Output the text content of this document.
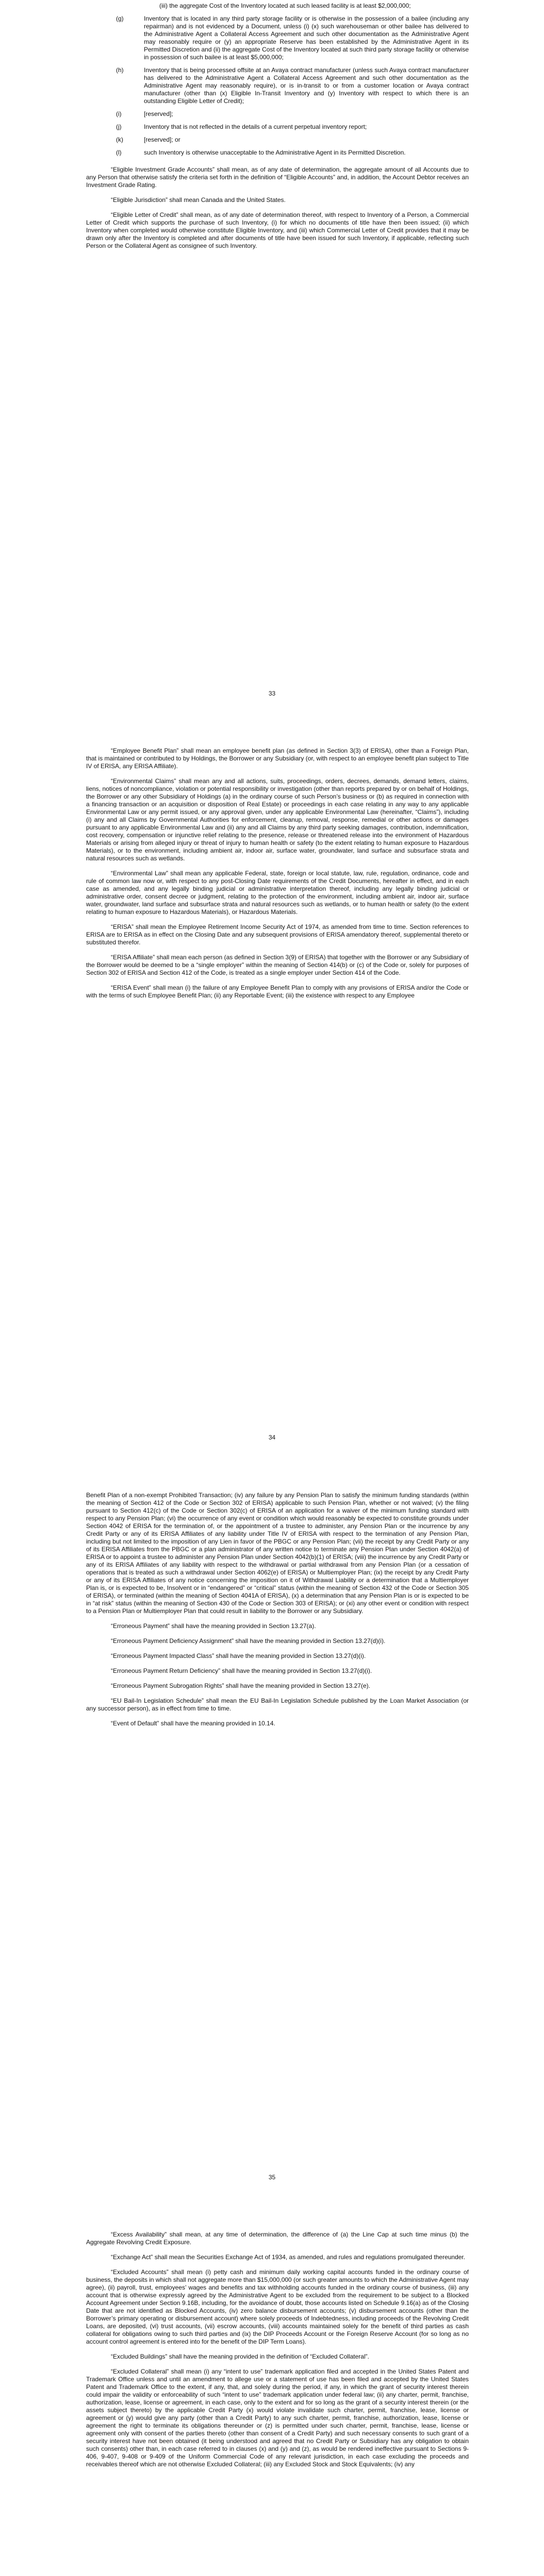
(iii) the aggregate Cost of the Inventory located at such leased facility is at least $2,000,000;

(g)	Inventory that is located in any third party storage facility or is otherwise in the possession of a bailee (including any repairman) and is not evidenced by a Document, unless (i) (x) such warehouseman or other bailee has delivered to the Administrative Agent a Collateral Access Agreement and such other documentation as the Administrative Agent may reasonably require or (y) an appropriate Reserve has been established by the Administrative Agent in its Permitted Discretion and (ii) the aggregate Cost of the Inventory located at such third party storage facility or otherwise in possession of such bailee is at least $5,000,000;
(h)	Inventory that is being processed offsite at an Avaya contract manufacturer (unless such Avaya contract manufacturer has delivered to the Administrative Agent a Collateral Access Agreement and such other documentation as the Administrative Agent may reasonably require), or is in-transit to or from a customer location or Avaya contract manufacturer (other than (x) Eligible In-Transit Inventory and (y) Inventory with respect to which there is an outstanding Eligible Letter of Credit);
(i)	[reserved];
(j)	Inventory that is not reflected in the details of a current perpetual inventory report;
(k)	[reserved]; or
(l)	such Inventory is otherwise unacceptable to the Administrative Agent in its Permitted Discretion.

“Eligible Investment Grade Accounts” shall mean, as of any date of determination, the aggregate amount of all Accounts due to any Person that otherwise satisfy the criteria set forth in the definition of “Eligible Accounts” and, in addition, the Account Debtor receives an Investment Grade Rating.

“Eligible Jurisdiction” shall mean Canada and the United States.

“Eligible Letter of Credit” shall mean, as of any date of determination thereof, with respect to Inventory of a Person, a Commercial Letter of Credit which supports the purchase of such Inventory, (i) for which no documents of title have then been issued; (ii) which Inventory when completed would otherwise constitute Eligible Inventory, and (iii) which Commercial Letter of Credit provides that it may be drawn only after the Inventory is completed and after documents of title have been issued for such Inventory, if applicable, reflecting such Person or the Collateral Agent as consignee of such Inventory.

33

“Employee Benefit Plan” shall mean an employee benefit plan (as defined in Section 3(3) of ERISA), other than a Foreign Plan, that is maintained or contributed to by Holdings, the Borrower or any Subsidiary (or, with respect to an employee benefit plan subject to Title IV of ERISA, any ERISA Affiliate).

“Environmental Claims” shall mean any and all actions, suits, proceedings, orders, decrees, demands, demand letters, claims, liens, notices of noncompliance, violation or potential responsibility or investigation (other than reports prepared by or on behalf of Holdings, the Borrower or any other Subsidiary of Holdings (a) in the ordinary course of such Person’s business or (b) as required in connection with a financing transaction or an acquisition or disposition of Real Estate) or proceedings in each case relating in any way to any applicable Environmental Law or any permit issued, or any approval given, under any applicable Environmental Law (hereinafter, “Claims”), including (i) any and all Claims by Governmental Authorities for enforcement, cleanup, removal, response, remedial or other actions or damages pursuant to any applicable Environmental Law and (ii) any and all Claims by any third party seeking damages, contribution, indemnification, cost recovery, compensation or injunctive relief relating to the presence, release or threatened release into the environment of Hazardous Materials or arising from alleged injury or threat of injury to human health or safety (to the extent relating to human exposure to Hazardous Materials), or to the environment, including ambient air, indoor air, surface water, groundwater, land surface and subsurface strata and natural resources such as wetlands.

“Environmental Law” shall mean any applicable Federal, state, foreign or local statute, law, rule, regulation, ordinance, code and rule of common law now or, with respect to any post-Closing Date requirements of the Credit Documents, hereafter in effect, and in each case as amended, and any legally binding judicial or administrative interpretation thereof, including any legally binding judicial or administrative order, consent decree or judgment, relating to the protection of the environment, including ambient air, indoor air, surface water, groundwater, land surface and subsurface strata and natural resources such as wetlands, or to human health or safety (to the extent relating to human exposure to Hazardous Materials), or Hazardous Materials.

“ERISA” shall mean the Employee Retirement Income Security Act of 1974, as amended from time to time. Section references to ERISA are to ERISA as in effect on the Closing Date and any subsequent provisions of ERISA amendatory thereof, supplemental thereto or substituted therefor.

“ERISA Affiliate” shall mean each person (as defined in Section 3(9) of ERISA) that together with the Borrower or any Subsidiary of the Borrower would be deemed to be a “single employer” within the meaning of Section 414(b) or (c) of the Code or, solely for purposes of Section 302 of ERISA and Section 412 of the Code, is treated as a single employer under Section 414 of the Code.

“ERISA Event” shall mean (i) the failure of any Employee Benefit Plan to comply with any provisions of ERISA and/or the Code or with the terms of such Employee Benefit Plan; (ii) any Reportable Event; (iii) the existence with respect to any Employee

34

Benefit Plan of a non-exempt Prohibited Transaction; (iv) any failure by any Pension Plan to satisfy the minimum funding standards (within the meaning of Section 412 of the Code or Section 302 of ERISA) applicable to such Pension Plan, whether or not waived; (v) the filing pursuant to Section 412(c) of the Code or Section 302(c) of ERISA of an application for a waiver of the minimum funding standard with respect to any Pension Plan; (vi) the occurrence of any event or condition which would reasonably be expected to constitute grounds under Section 4042 of ERISA for the termination of, or the appointment of a trustee to administer, any Pension Plan or the incurrence by any Credit Party or any of its ERISA Affiliates of any liability under Title IV of ERISA with respect to the termination of any Pension Plan, including but not limited to the imposition of any Lien in favor of the PBGC or any Pension Plan; (vii) the receipt by any Credit Party or any of its ERISA Affiliates from the PBGC or a plan administrator of any written notice to terminate any Pension Plan under Section 4042(a) of ERISA or to appoint a trustee to administer any Pension Plan under Section 4042(b)(1) of ERISA; (viii) the incurrence by any Credit Party or any of its ERISA Affiliates of any liability with respect to the withdrawal or partial withdrawal from any Pension Plan (or a cessation of operations that is treated as such a withdrawal under Section 4062(e) of ERISA) or Multiemployer Plan; (ix) the receipt by any Credit Party or any of its ERISA Affiliates of any notice concerning the imposition on it of Withdrawal Liability or a determination that a Multiemployer Plan is, or is expected to be, Insolvent or in “endangered” or “critical” status (within the meaning of Section 432 of the Code or Section 305 of ERISA), or terminated (within the meaning of Section 4041A of ERISA), (x) a determination that any Pension Plan is or is expected to be in “at risk” status (within the meaning of Section 430 of the Code or Section 303 of ERISA); or (xi) any other event or condition with respect to a Pension Plan or Multiemployer Plan that could result in liability to the Borrower or any Subsidiary.

“Erroneous Payment” shall have the meaning provided in Section 13.27(a).

“Erroneous Payment Deficiency Assignment” shall have the meaning provided in Section 13.27(d)(i).

“Erroneous Payment Impacted Class” shall have the meaning provided in Section 13.27(d)(i).

“Erroneous Payment Return Deficiency” shall have the meaning provided in Section 13.27(d)(i).

“Erroneous Payment Subrogation Rights” shall have the meaning provided in Section 13.27(e).

“EU Bail-In Legislation Schedule” shall mean the EU Bail-In Legislation Schedule published by the Loan Market Association (or any successor person), as in effect from time to time.

“Event of Default” shall have the meaning provided in 10.14.

35

“Excess Availability” shall mean, at any time of determination, the difference of (a) the Line Cap at such time minus (b) the Aggregate Revolving Credit Exposure.

“Exchange Act” shall mean the Securities Exchange Act of 1934, as amended, and rules and regulations promulgated thereunder.

“Excluded Accounts” shall mean (i) petty cash and minimum daily working capital accounts funded in the ordinary course of business, the deposits in which shall not aggregate more than $15,000,000 (or such greater amounts to which the Administrative Agent may agree), (ii) payroll, trust, employees’ wages and benefits and tax withholding accounts funded in the ordinary course of business, (iii) any account that is otherwise expressly agreed by the Administrative Agent to be excluded from the requirement to be subject to a Blocked Account Agreement under Section 9.16B, including, for the avoidance of doubt, those accounts listed on Schedule 9.16(a) as of the Closing Date that are not identified as Blocked Accounts, (iv) zero balance disbursement accounts; (v) disbursement accounts (other than the Borrower’s primary operating or disbursement account) where solely proceeds of Indebtedness, including proceeds of the Revolving Credit Loans, are deposited, (vi) trust accounts, (vii) escrow accounts, (viii) accounts maintained solely for the benefit of third parties as cash collateral for obligations owing to such third parties and (ix) the DIP Proceeds Account or the Foreign Reserve Account (for so long as no account control agreement is entered into for the benefit of the DIP Term Loans).

“Excluded Buildings” shall have the meaning provided in the definition of “Excluded Collateral”.

“Excluded Collateral” shall mean (i) any “intent to use” trademark application filed and accepted in the United States Patent and Trademark Office unless and until an amendment to allege use or a statement of use has been filed and accepted by the United States Patent and Trademark Office to the extent, if any, that, and solely during the period, if any, in which the grant of security interest therein could impair the validity or enforceability of such “intent to use” trademark application under federal law; (ii) any charter, permit, franchise, authorization, lease, license or agreement, in each case, only to the extent and for so long as the grant of a security interest therein (or the assets subject thereto) by the applicable Credit Party (x) would violate invalidate such charter, permit, franchise, lease, license or agreement or (y) would give any party (other than a Credit Party) to any such charter, permit, franchise, authorization, lease, license or agreement the right to terminate its obligations thereunder or (z) is permitted under such charter, permit, franchise, lease, license or agreement only with consent of the parties thereto (other than consent of a Credit Party) and such necessary consents to such grant of a security interest have not been obtained (it being understood and agreed that no Credit Party or Subsidiary has any obligation to obtain such consents) other than, in each case referred to in clauses (x) and (y) and (z), as would be rendered ineffective pursuant to Sections 9-406, 9-407, 9-408 or 9-409 of the Uniform Commercial Code of any relevant jurisdiction, in each case excluding the proceeds and receivables thereof which are not otherwise Excluded Collateral; (iii) any Excluded Stock and Stock Equivalents; (iv) any
